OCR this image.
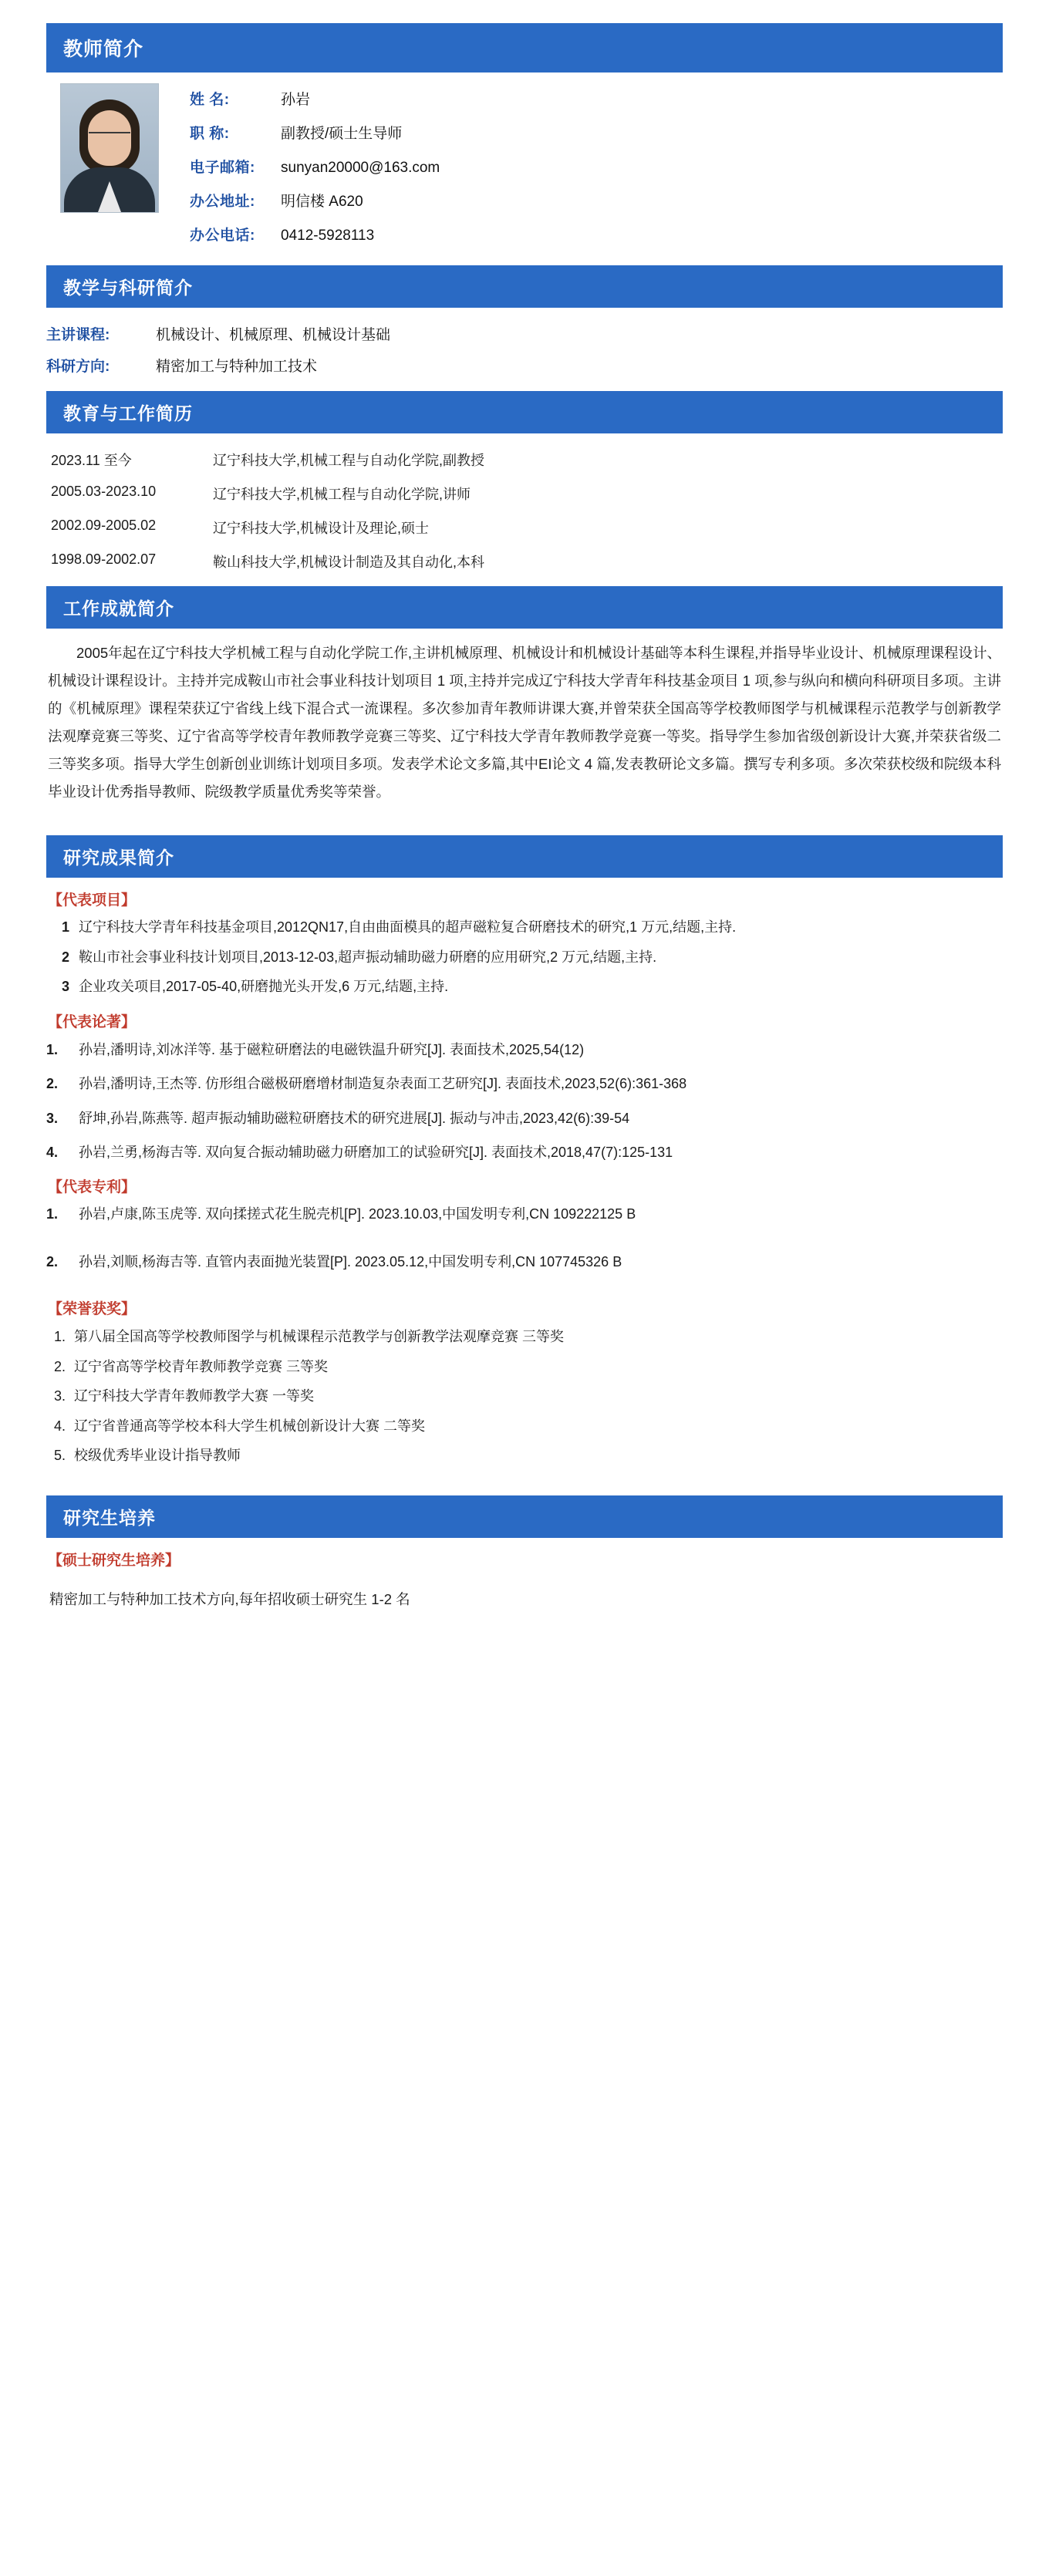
教师简介
姓 名:	孙岩
职 称:	副教授/硕士生导师
电子邮箱:	sunyan20000@163.com
办公地址:	明信楼 A620
办公电话:	0412-5928113
教学与科研简介
主讲课程:	机械设计、机械原理、机械设计基础
科研方向:	精密加工与特种加工技术
教育与工作简历
2023.11 至今	辽宁科技大学,机械工程与自动化学院,副教授
2005.03-2023.10	辽宁科技大学,机械工程与自动化学院,讲师
2002.09-2005.02	辽宁科技大学,机械设计及理论,硕士
1998.09-2002.07	鞍山科技大学,机械设计制造及其自动化,本科
工作成就简介
2005年起在辽宁科技大学机械工程与自动化学院工作,主讲机械原理、机械设计和机械设计基础等本科生课程,并指导毕业设计、机械原理课程设计、机械设计课程设计。主持并完成鞍山市社会事业科技计划项目 1 项,主持并完成辽宁科技大学青年科技基金项目 1 项,参与纵向和横向科研项目多项。主讲的《机械原理》课程荣获辽宁省线上线下混合式一流课程。多次参加青年教师讲课大赛,并曾荣获全国高等学校教师图学与机械课程示范教学与创新教学法观摩竞赛三等奖、辽宁省高等学校青年教师教学竞赛三等奖、辽宁科技大学青年教师教学竞赛一等奖。指导学生参加省级创新设计大赛,并荣获省级二三等奖多项。指导大学生创新创业训练计划项目多项。发表学术论文多篇,其中EI论文 4 篇,发表教研论文多篇。撰写专利多项。多次荣获校级和院级本科毕业设计优秀指导教师、院级教学质量优秀奖等荣誉。
研究成果简介
【代表项目】
1 辽宁科技大学青年科技基金项目,2012QN17,自由曲面模具的超声磁粒复合研磨技术的研究,1 万元,结题,主持.
2 鞍山市社会事业科技计划项目,2013-12-03,超声振动辅助磁力研磨的应用研究,2 万元,结题,主持.
3 企业攻关项目,2017-05-40,研磨抛光头开发,6 万元,结题,主持.
【代表论著】
1.	孙岩,潘明诗,刘冰洋等. 基于磁粒研磨法的电磁铁温升研究[J]. 表面技术,2025,54(12)
2.	孙岩,潘明诗,王杰等. 仿形组合磁极研磨增材制造复杂表面工艺研究[J]. 表面技术,2023,52(6):361-368
3.	舒坤,孙岩,陈燕等. 超声振动辅助磁粒研磨技术的研究进展[J]. 振动与冲击,2023,42(6):39-54
4.	孙岩,兰勇,杨海吉等. 双向复合振动辅助磁力研磨加工的试验研究[J]. 表面技术,2018,47(7):125-131
【代表专利】
1.	孙岩,卢康,陈玉虎等. 双向揉搓式花生脱壳机[P]. 2023.10.03,中国发明专利,CN 109222125 B
2.	孙岩,刘顺,杨海吉等. 直管内表面抛光装置[P]. 2023.05.12,中国发明专利,CN 107745326 B
【荣誉获奖】
1. 第八届全国高等学校教师图学与机械课程示范教学与创新教学法观摩竞赛 三等奖
2. 辽宁省高等学校青年教师教学竞赛 三等奖
3. 辽宁科技大学青年教师教学大赛 一等奖
4. 辽宁省普通高等学校本科大学生机械创新设计大赛 二等奖
5. 校级优秀毕业设计指导教师
研究生培养
【硕士研究生培养】
精密加工与特种加工技术方向,每年招收硕士研究生 1-2 名
